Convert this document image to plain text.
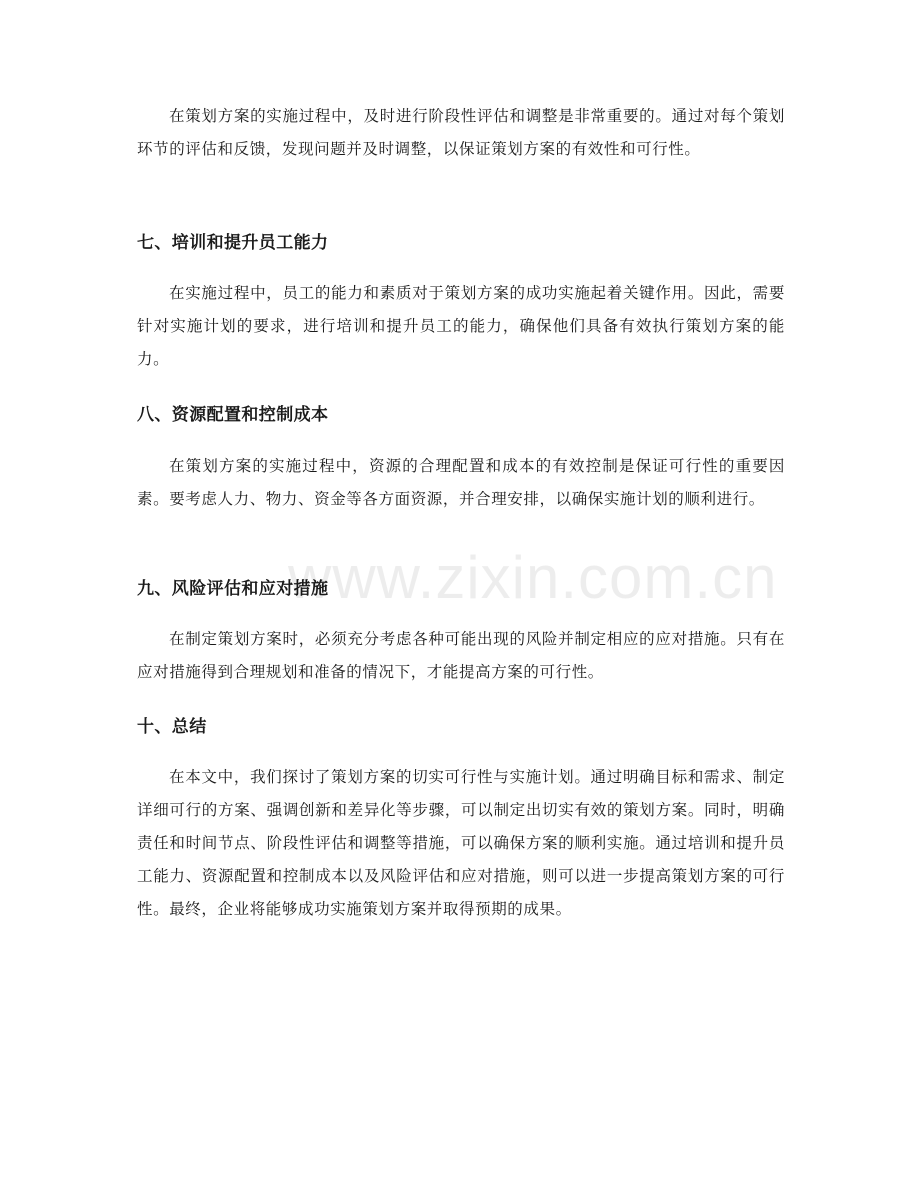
在策划方案的实施过程中，及时进行阶段性评估和调整是非常重要的。通过对每个策划环节的评估和反馈，发现问题并及时调整，以保证策划方案的有效性和可行性。

七、培训和提升员工能力

在实施过程中，员工的能力和素质对于策划方案的成功实施起着关键作用。因此，需要针对实施计划的要求，进行培训和提升员工的能力，确保他们具备有效执行策划方案的能力。

八、资源配置和控制成本

在策划方案的实施过程中，资源的合理配置和成本的有效控制是保证可行性的重要因素。要考虑人力、物力、资金等各方面资源，并合理安排，以确保实施计划的顺利进行。

九、风险评估和应对措施

在制定策划方案时，必须充分考虑各种可能出现的风险并制定相应的应对措施。只有在应对措施得到合理规划和准备的情况下，才能提高方案的可行性。

十、总结

在本文中，我们探讨了策划方案的切实可行性与实施计划。通过明确目标和需求、制定详细可行的方案、强调创新和差异化等步骤，可以制定出切实有效的策划方案。同时，明确责任和时间节点、阶段性评估和调整等措施，可以确保方案的顺利实施。通过培训和提升员工能力、资源配置和控制成本以及风险评估和应对措施，则可以进一步提高策划方案的可行性。最终，企业将能够成功实施策划方案并取得预期的成果。

www.zixin.com.cn
